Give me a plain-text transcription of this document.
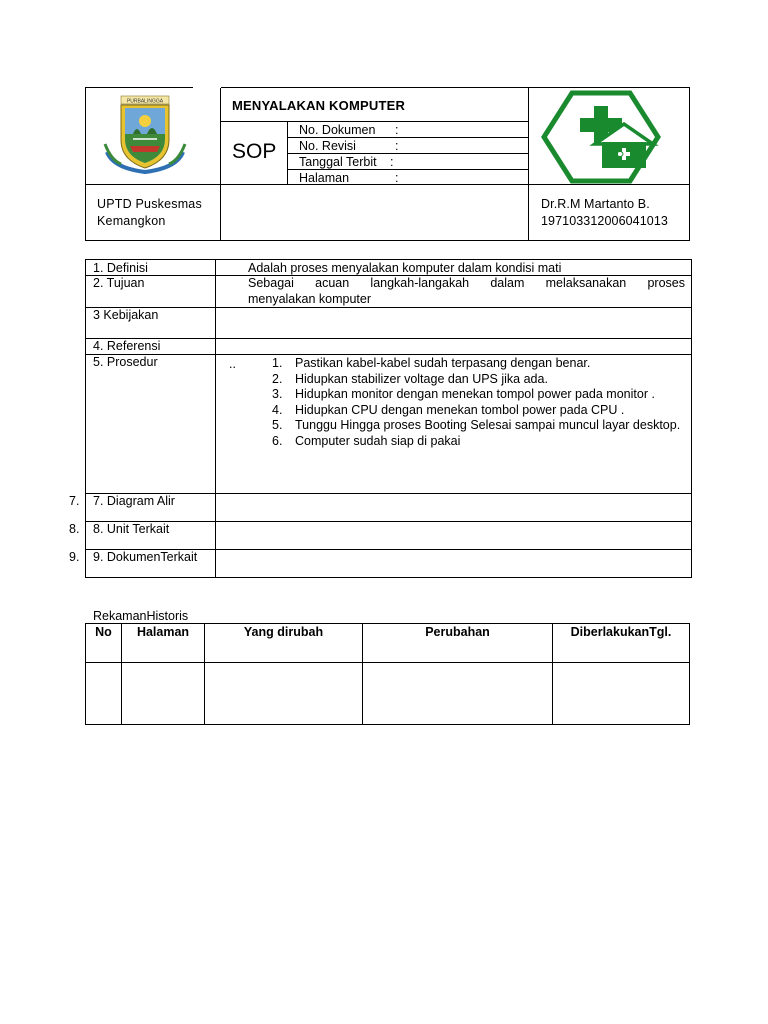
PURBALINGGA	MENYALAKAN KOMPUTER
SOP
No. Dokumen :
No. Revisi	:
Tanggal Terbit :
Halaman	:
UPTD Puskesmas
Kemangkon
Dr.R.M Martanto B.
197103312006041013
1. Definisi	Adalah proses menyalakan komputer dalam kondisi mati
2. Tujuan	Sebagai acuan langkah-langakah dalam melaksanakan proses
menyalakan komputer
3 Kebijakan
4. Referensi
5. Prosedur	..	1. Pastikan kabel-kabel sudah terpasang dengan benar.
2. Hidupkan stabilizer voltage dan UPS jika ada.
3. Hidupkan monitor dengan menekan tompol power pada monitor .
4. Hidupkan CPU dengan menekan tombol power pada CPU .
5. Tunggu Hingga proses Booting Selesai sampai muncul layar desktop.
6. Computer sudah siap di pakai
7. Diagram Alir
8. Unit Terkait
9. DokumenTerkait
7.
8.
9.
RekamanHistoris
No	Halaman	Yang dirubah	Perubahan	DiberlakukanTgl.
